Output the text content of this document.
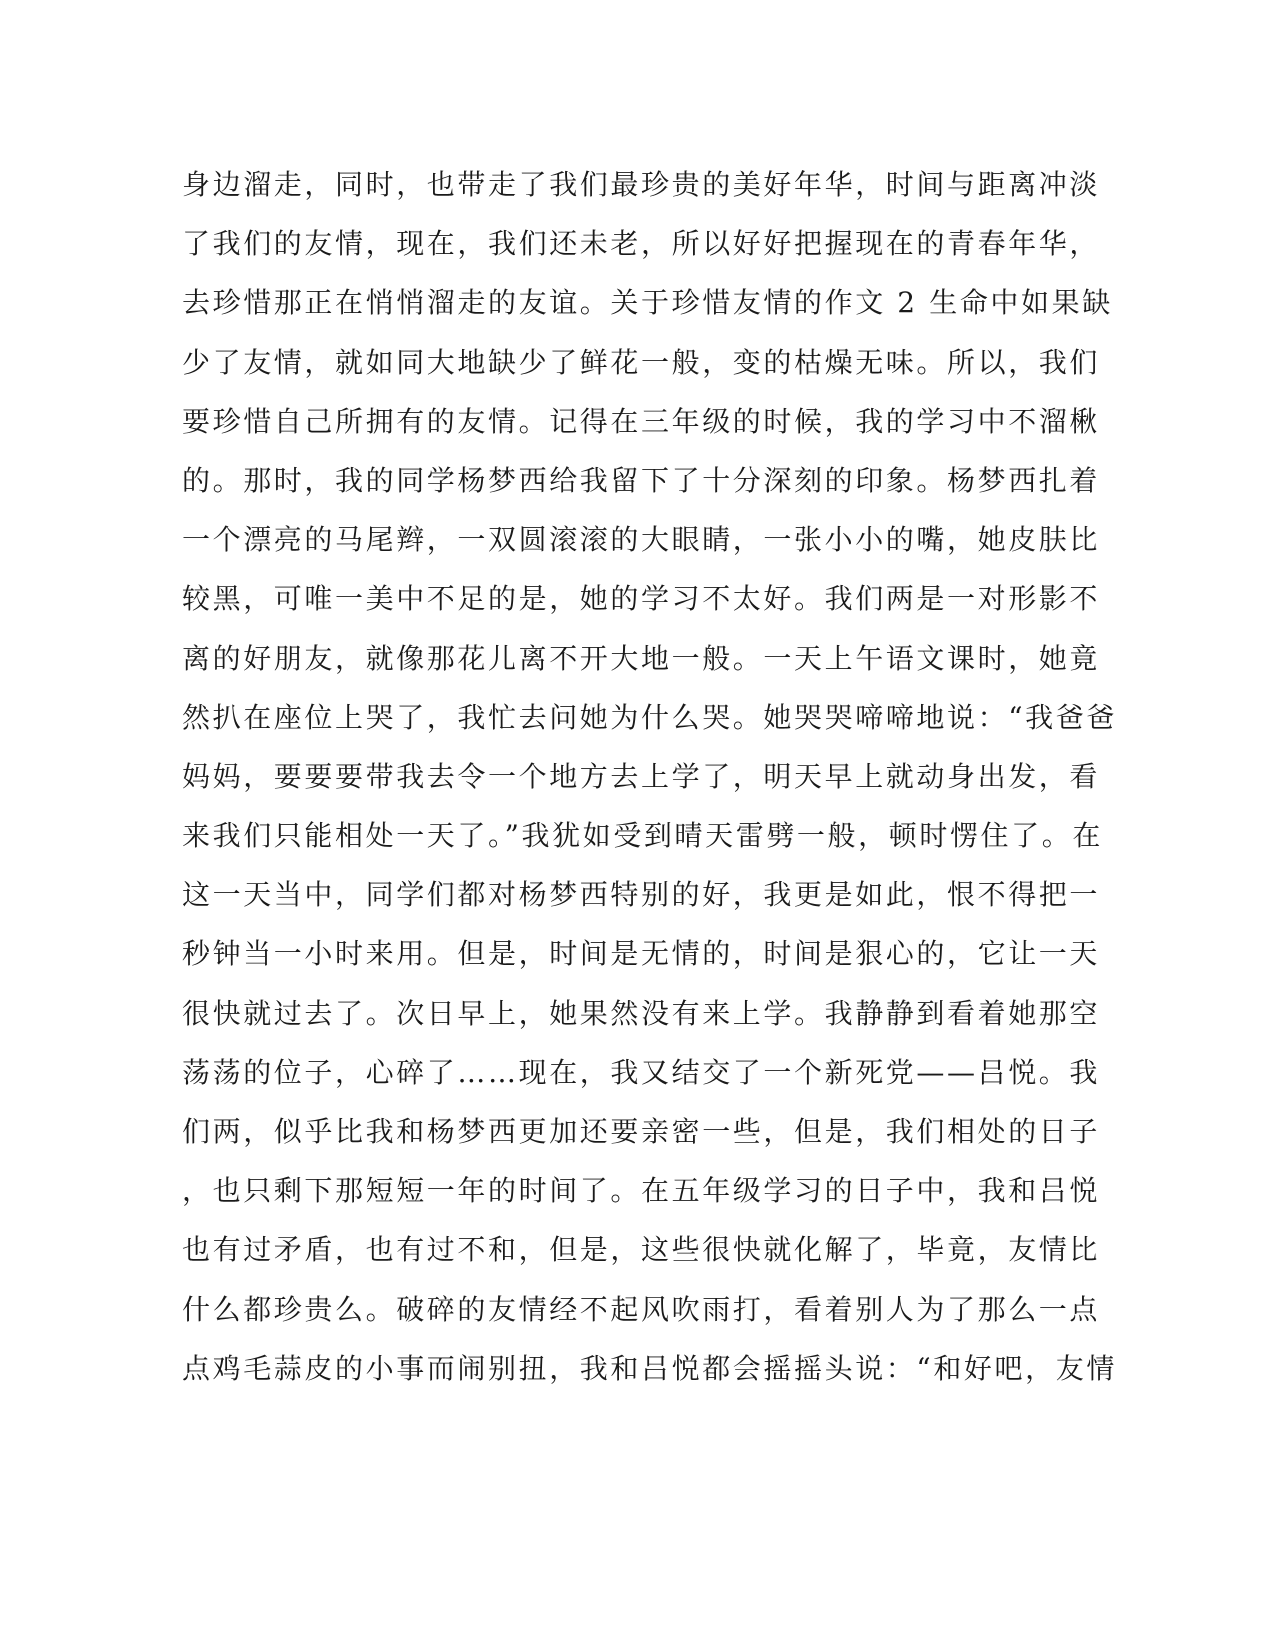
身边溜走，同时，也带走了我们最珍贵的美好年华，时间与距离冲淡
了我们的友情，现在，我们还未老，所以好好把握现在的青春年华，
去珍惜那正在悄悄溜走的友谊。关于珍惜友情的作文 2 生命中如果缺
少了友情，就如同大地缺少了鲜花一般，变的枯燥无味。所以，我们
要珍惜自己所拥有的友情。记得在三年级的时候，我的学习中不溜楸
的。那时，我的同学杨梦西给我留下了十分深刻的印象。杨梦西扎着
一个漂亮的马尾辫，一双圆滚滚的大眼睛，一张小小的嘴，她皮肤比
较黑，可唯一美中不足的是，她的学习不太好。我们两是一对形影不
离的好朋友，就像那花儿离不开大地一般。一天上午语文课时，她竟
然扒在座位上哭了，我忙去问她为什么哭。她哭哭啼啼地说：“我爸爸
妈妈，要要要带我去令一个地方去上学了，明天早上就动身出发，看
来我们只能相处一天了。”我犹如受到晴天雷劈一般，顿时愣住了。在
这一天当中，同学们都对杨梦西特别的好，我更是如此，恨不得把一
秒钟当一小时来用。但是，时间是无情的，时间是狠心的，它让一天
很快就过去了。次日早上，她果然没有来上学。我静静到看着她那空
荡荡的位子，心碎了……现在，我又结交了一个新死党——吕悦。我
们两，似乎比我和杨梦西更加还要亲密一些，但是，我们相处的日子
，也只剩下那短短一年的时间了。在五年级学习的日子中，我和吕悦
也有过矛盾，也有过不和，但是，这些很快就化解了，毕竟，友情比
什么都珍贵么。破碎的友情经不起风吹雨打，看着别人为了那么一点
点鸡毛蒜皮的小事而闹别扭，我和吕悦都会摇摇头说：“和好吧，友情
